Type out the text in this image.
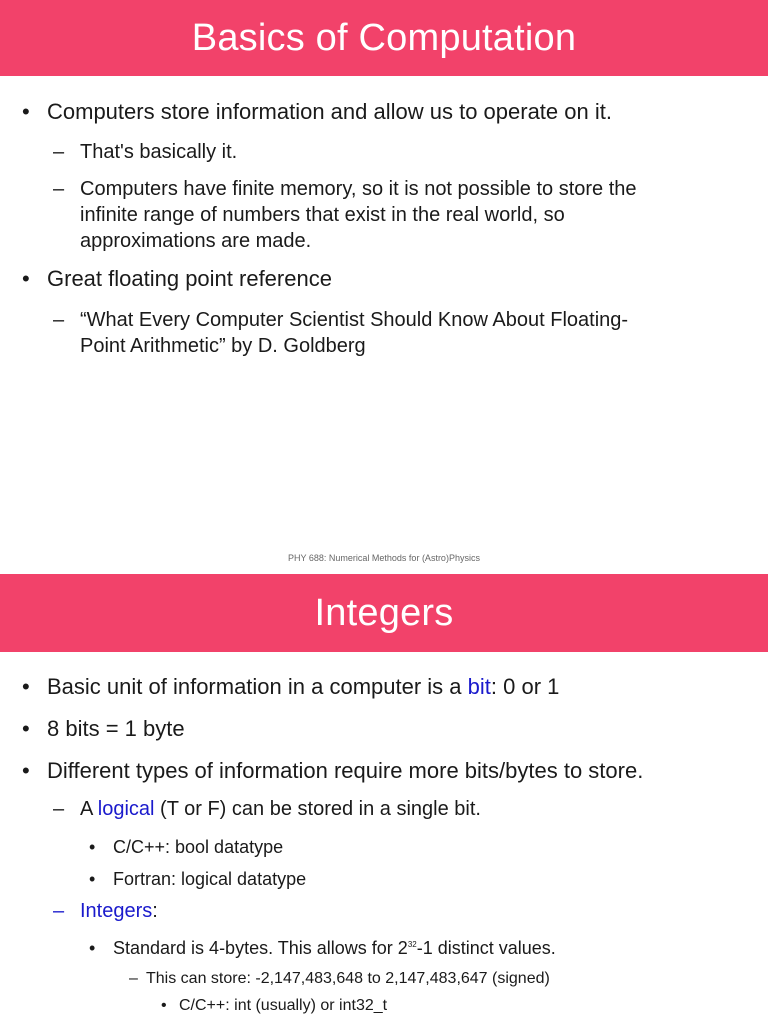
Basics of Computation
• Computers store information and allow us to operate on it.
– That's basically it.
– Computers have finite memory, so it is not possible to store the
infinite range of numbers that exist in the real world, so
approximations are made.
• Great floating point reference
– “What Every Computer Scientist Should Know About Floating-
Point Arithmetic” by D. Goldberg
PHY 688: Numerical Methods for (Astro)Physics
Integers
• Basic unit of information in a computer is a bit: 0 or 1
• 8 bits = 1 byte
• Different types of information require more bits/bytes to store.
– A logical (T or F) can be stored in a single bit.
• C/C++: bool datatype
• Fortran: logical datatype
– Integers:
• Standard is 4-bytes. This allows for $2^{32}-1$ distinct values.
– This can store: -2,147,483,648 to 2,147,483,647 (signed)
• C/C++: int (usually) or int32_t
